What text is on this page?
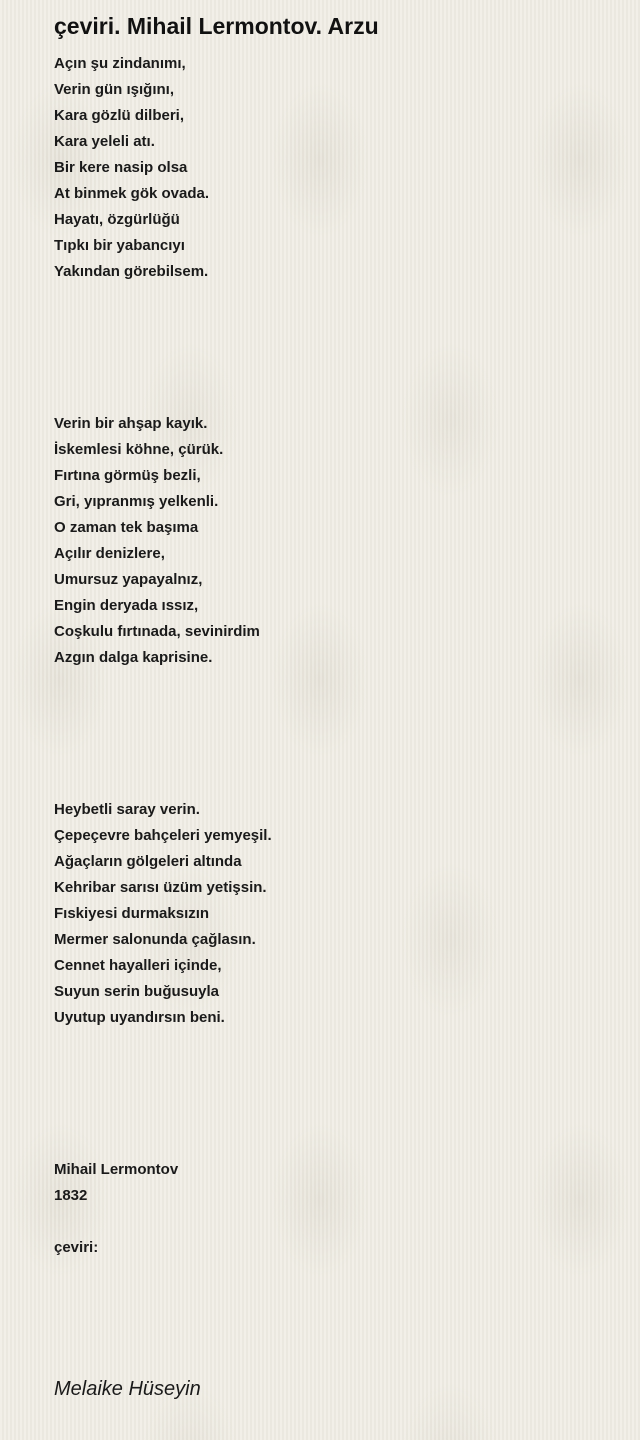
çeviri. Mihail Lermontov. Arzu
Açın şu zindanımı,
Verin gün ışığını,
Kara gözlü dilberi,
Kara yeleli atı.
Bir kere nasip olsa
At binmek gök ovada.
Hayatı, özgürlüğü
Tıpkı bir yabancıyı
Yakından görebilsem.
Verin bir ahşap kayık.
İskemlesi köhne, çürük.
Fırtına görmüş bezli,
Gri, yıpranmış yelkenli.
O zaman tek başıma
Açılır denizlere,
Umursuz yapayalnız,
Engin deryada ıssız,
Coşkulu fırtınada, sevinirdim
Azgın dalga kaprisine.
Heybetli saray verin.
Çepeçevre bahçeleri yemyeşil.
Ağaçların gölgeleri altında
Kehribar sarısı üzüm yetişsin.
Fıskiyesi durmaksızın
Mermer salonunda çağlasın.
Cennet hayalleri içinde,
Suyun serin buğusuyla
Uyutup uyandırsın beni.
Mihail Lermontov
1832
çeviri:
Melaike Hüseyin
